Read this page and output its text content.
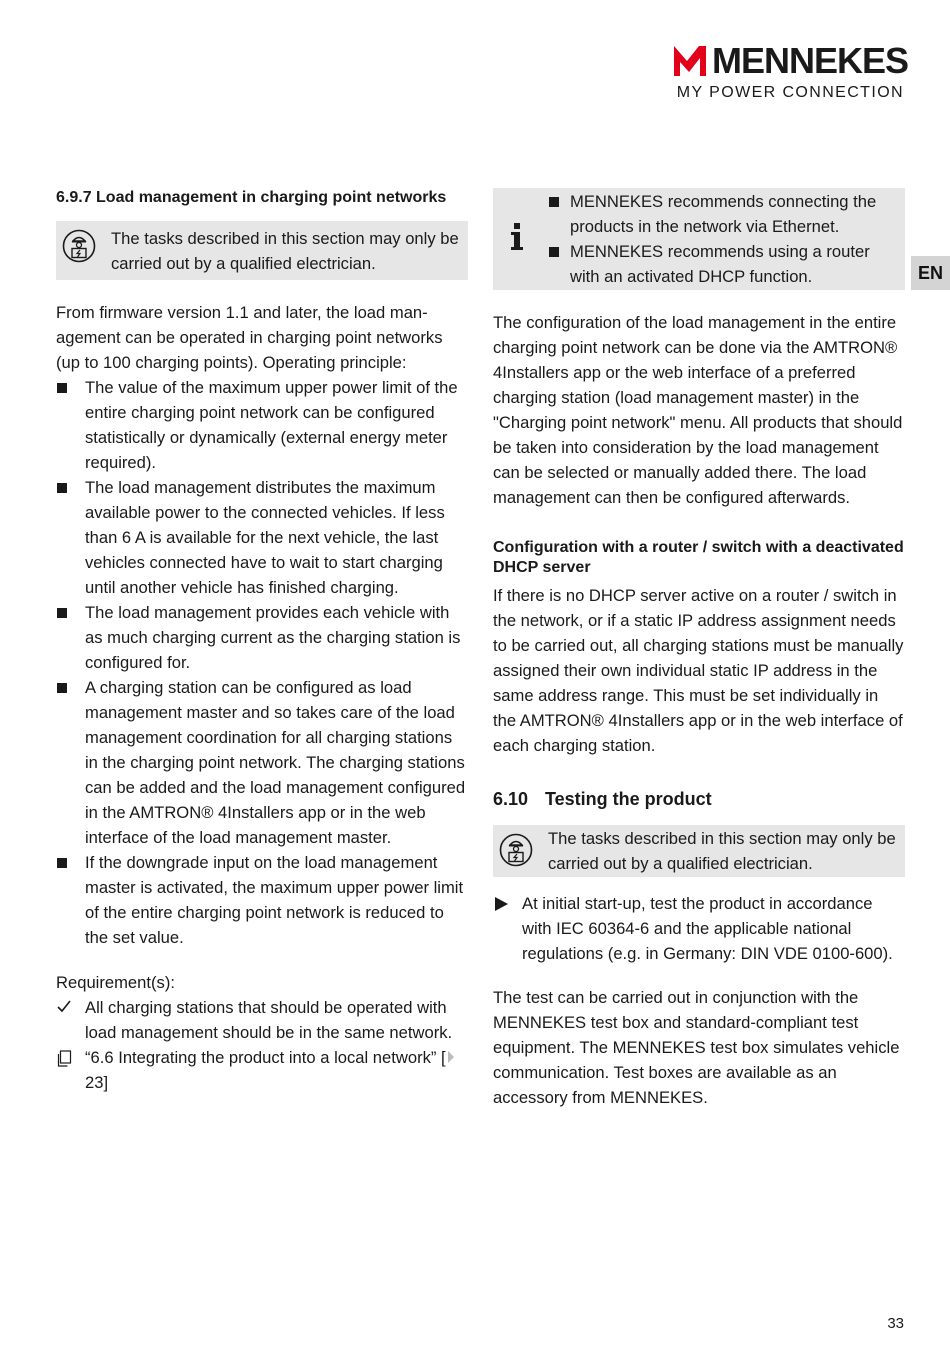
MENNEKES
MY POWER CONNECTION
EN
6.9.7 Load management in charging point networks

The tasks described in this section may only be carried out by a qualified electrician.

From firmware version 1.1 and later, the load management can be operated in charging point networks (up to 100 charging points). Operating principle:

The value of the maximum upper power limit of the entire charging point network can be configured statistically or dynamically (external energy meter required).
The load management distributes the maximum available power to the connected vehicles. If less than 6 A is available for the next vehicle, the last vehicles connected have to wait to start charging until another vehicle has finished charging.
The load management provides each vehicle with as much charging current as the charging station is configured for.
A charging station can be configured as load management master and so takes care of the load management coordination for all charging stations in the charging point network. The charging stations can be added and the load management configured in the AMTRON® 4Installers app or in the web interface of the load management master.
If the downgrade input on the load management master is activated, the maximum upper power limit of the entire charging point network is reduced to the set value.

Requirement(s):

All charging stations that should be operated with load management should be in the same network.
“6.6 Integrating the product into a local network” [ 23]
MENNEKES recommends connecting the products in the network via Ethernet.
MENNEKES recommends using a router with an activated DHCP function.

The configuration of the load management in the entire charging point network can be done via the AMTRON® 4Installers app or the web interface of a preferred charging station (load management master) in the "Charging point network" menu. All products that should be taken into consideration by the load management can be selected or manually added there. The load management can then be configured afterwards.

Configuration with a router / switch with a deactivated DHCP server

If there is no DHCP server active on a router / switch in the network, or if a static IP address assignment needs to be carried out, all charging stations must be manually assigned their own individual static IP address in the same address range. This must be set individually in the AMTRON® 4Installers app or in the web interface of each charging station.

6.10 Testing the product

The tasks described in this section may only be carried out by a qualified electrician.

At initial start-up, test the product in accordance with IEC 60364-6 and the applicable national regulations (e.g. in Germany: DIN VDE 0100-600).

The test can be carried out in conjunction with the MENNEKES test box and standard-compliant test equipment. The MENNEKES test box simulates vehicle communication. Test boxes are available as an accessory from MENNEKES.

33
